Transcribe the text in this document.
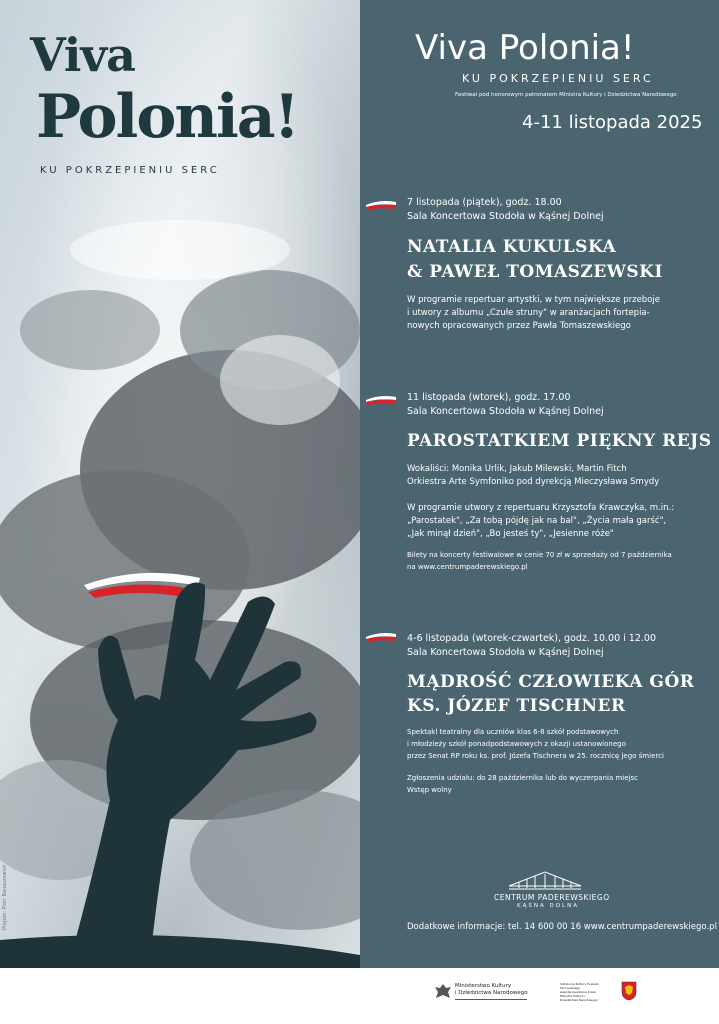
Viva
Polonia!
KU POKRZEPIENIU SERC
Projekt: Piotr Banaszewski
Viva Polonia!
KU POKRZEPIENIU SERC
Festiwal pod honorowym patronatem Ministra Kultury i Dziedzictwa Narodowego
4-11 listopada 2025
7 listopada (piątek), godz. 18.00
Sala Koncertowa Stodoła w Kąśnej Dolnej
NATALIA KUKULSKA
& PAWEŁ TOMASZEWSKI
W programie repertuar artystki, w tym największe przeboje
i utwory z albumu „Czułe struny" w aranżacjach fortepia-
nowych opracowanych przez Pawła Tomaszewskiego
11 listopada (wtorek), godz. 17.00
Sala Koncertowa Stodoła w Kąśnej Dolnej
PAROSTATKIEM PIĘKNY REJS
Wokaliści: Monika Urlik, Jakub Milewski, Martin Fitch
Orkiestra Arte Symfoniko pod dyrekcją Mieczysława Smydy
W programie utwory z repertuaru Krzysztofa Krawczyka, m.in.:
„Parostatek", „Za tobą pójdę jak na bal", „Życia mała garść",
„Jak minął dzień", „Bo jesteś ty", „Jesienne róże"
Bilety na koncerty festiwalowe w cenie 70 zł w sprzedaży od 7 października
na www.centrumpaderewskiego.pl
4-6 listopada (wtorek-czwartek), godz. 10.00 i 12.00
Sala Koncertowa Stodoła w Kąśnej Dolnej
MĄDROŚĆ CZŁOWIEKA GÓR
KS. JÓZEF TISCHNER
Spektakl teatralny dla uczniów klas 6-8 szkół podstawowych
i młodzieży szkół ponadpodstawowych z okazji ustanowionego
przez Senat RP roku ks. prof. Józefa Tischnera w 25. rocznicę jego śmierci
Zgłoszenia udziału: do 28 października lub do wyczerpania miejsc
Wstęp wolny
CENTRUM PADEREWSKIEGO
KĄŚNA DOLNA
Dodatkowe informacje: tel. 14 600 00 16 www.centrumpaderewskiego.pl
Ministerstwo Kultury
i Dziedzictwa Narodowego
Instytucja Kultury Powiatu Tarnowskiego współprowadzona przez Ministra Kultury i Dziedzictwa Narodowego
